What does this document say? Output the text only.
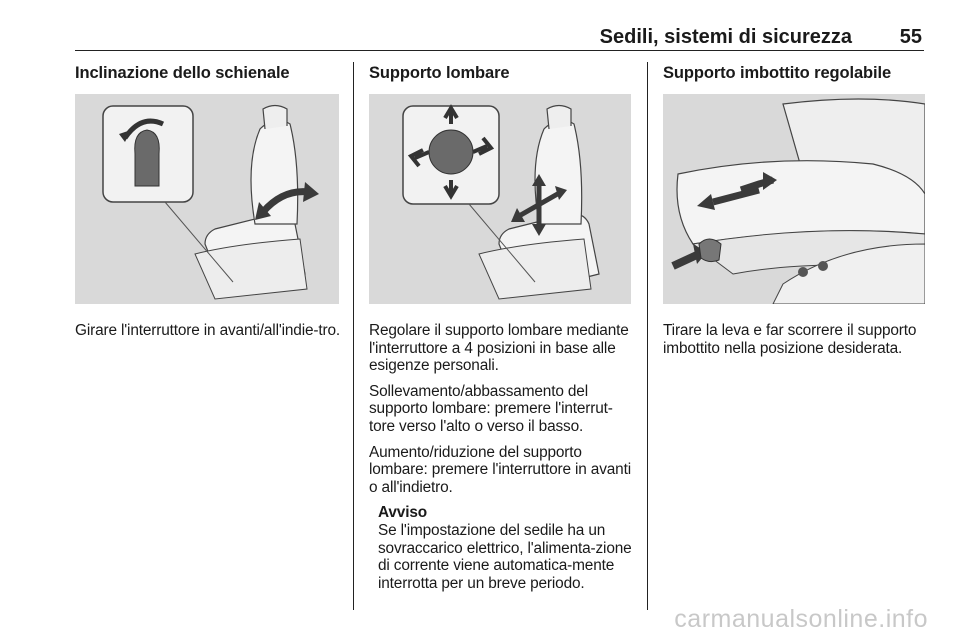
Sedili, sistemi di sicurezza 55
Inclinazione dello schienale

Girare l'interruttore in avanti/all'indie-tro.

Supporto lombare

Regolare il supporto lombare mediante l'interruttore a 4 posizioni in base alle esigenze personali.

Sollevamento/abbassamento del supporto lombare: premere l'interrut-tore verso l'alto o verso il basso.

Aumento/riduzione del supporto lombare: premere l'interruttore in avanti o all'indietro.

Avviso
Se l'impostazione del sedile ha un sovraccarico elettrico, l'alimenta-zione di corrente viene automatica-mente interrotta per un breve periodo.
Supporto imbottito regolabile

Tirare la leva e far scorrere il supporto imbottito nella posizione desiderata.

carmanualsonline.info
